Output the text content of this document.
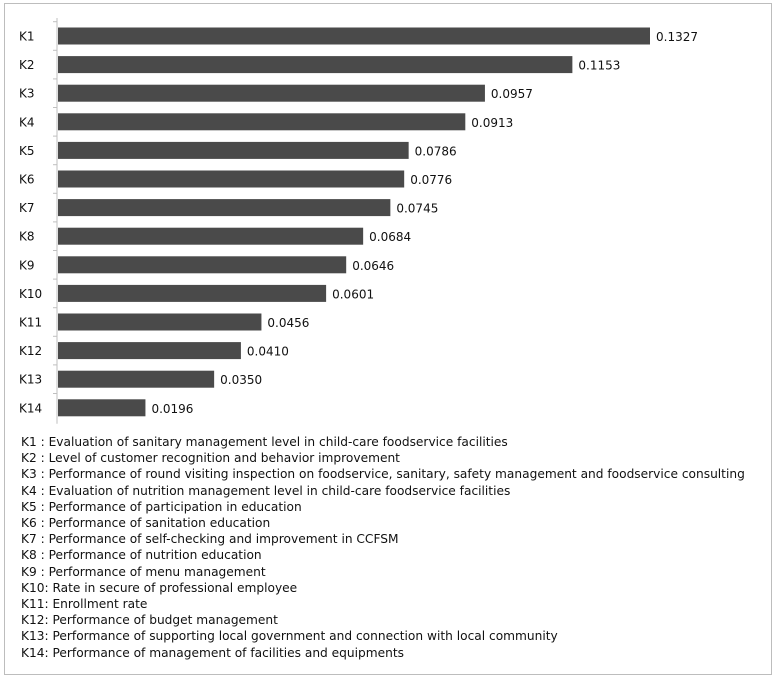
K1	0.1327
K2	0.1153
K3	0.0957
K4	0.0913
K5	0.0786
K6	0.0776
K7	0.0745
K8	0.0684
K9	0.0646
K10	0.0601
K11	0.0456
K12	0.0410
K13	0.0350
K14	0.0196
K1 : Evaluation of sanitary management level in child-care foodservice facilities
K2 : Level of customer recognition and behavior improvement
K3 : Performance of round visiting inspection on foodservice, sanitary, safety management and foodservice consulting
K4 : Evaluation of nutrition management level in child-care foodservice facilities
K5 : Performance of participation in education
K6 : Performance of sanitation education
K7 : Performance of self-checking and improvement in CCFSM
K8 : Performance of nutrition education
K9 : Performance of menu management
K10: Rate in secure of professional employee
K11: Enrollment rate
K12: Performance of budget management
K13: Performance of supporting local government and connection with local community
K14: Performance of management of facilities and equipments
